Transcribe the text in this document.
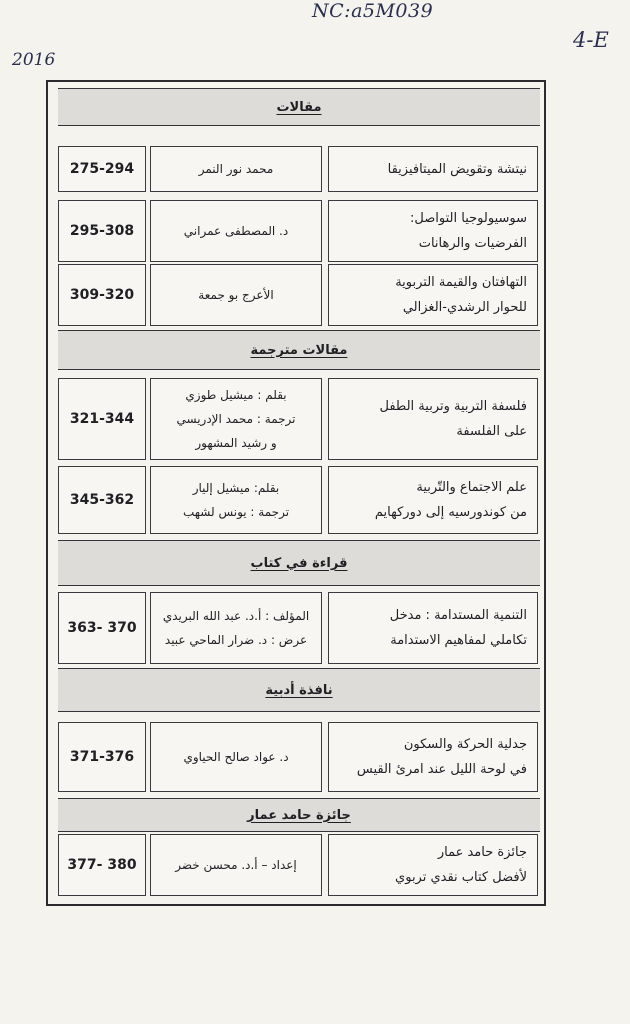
NC:a5M039
2016
4-E
مقالات
نيتشة وتقويض الميتافيزيقا
محمد نور النمر
275-294
سوسيولوجيا التواصل:
الفرضيات والرهانات
د. المصطفى عمراني
295-308
التهافتان والقيمة التربوية
للحوار الرشدي-الغزالي
الأعرج بو جمعة
309-320
مقالات مترجمة
فلسفة التربية وتربية الطفل
على الفلسفة
بقلم : ميشيل طوزي
ترجمة : محمد الإدريسي
و رشيد المشهور
321-344
علم الاجتماع والتّربية
من كوندورسيه إلى دوركهايم
بقلم: ميشيل إليار
ترجمة : يونس لشهب
345-362
قراءة في كتاب
التنمية المستدامة : مدخل
تكاملي لمفاهيم الاستدامة
المؤلف : أ.د. عبد الله البريدي
عرض : د. ضرار الماحي عبيد
363- 370
نافذة أدبية
جدلية الحركة والسكون
في لوحة الليل عند امرئ القيس
د. عواد صالح الحياوي
371-376
جائزة حامد عمار
جائزة حامد عمار
لأفضل كتاب نقدي تربوي
إعداد – أ.د. محسن خضر
377- 380
